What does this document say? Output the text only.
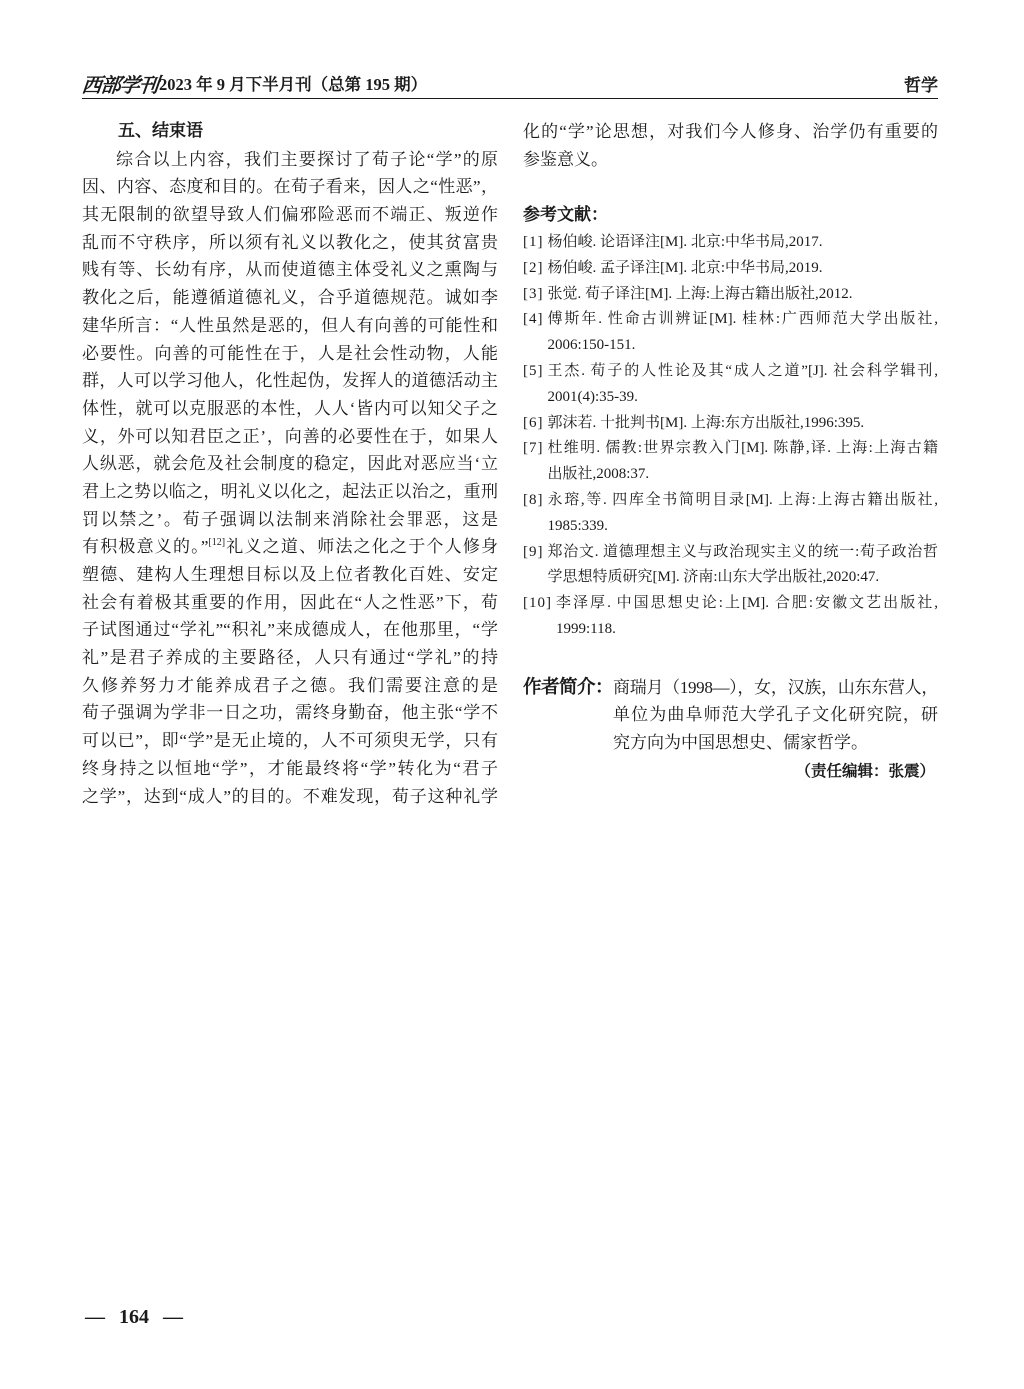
西部学刊 2023 年 9 月下半月刊（总第 195 期）	哲学
五、结束语
综合以上内容，我们主要探讨了荀子论“学”的原
因、内容、态度和目的。在荀子看来，因人之“性恶”，
其无限制的欲望导致人们偏邪险恶而不端正、叛逆作
乱而不守秩序，所以须有礼义以教化之，使其贫富贵
贱有等、长幼有序，从而使道德主体受礼义之熏陶与
教化之后，能遵循道德礼义，合乎道德规范。诚如李
建华所言：“人性虽然是恶的，但人有向善的可能性和
必要性。向善的可能性在于，人是社会性动物，人能
群，人可以学习他人，化性起伪，发挥人的道德活动主
体性，就可以克服恶的本性，人人‘皆内可以知父子之
义，外可以知君臣之正’，向善的必要性在于，如果人
人纵恶，就会危及社会制度的稳定，因此对恶应当‘立
君上之势以临之，明礼义以化之，起法正以治之，重刑
罚以禁之’。荀子强调以法制来消除社会罪恶，这是
有积极意义的。”[12]礼义之道、师法之化之于个人修身
塑德、建构人生理想目标以及上位者教化百姓、安定
社会有着极其重要的作用，因此在“人之性恶”下，荀
子试图通过“学礼”“积礼”来成德成人，在他那里，“学
礼”是君子养成的主要路径，人只有通过“学礼”的持
久修养努力才能养成君子之德。我们需要注意的是
荀子强调为学非一日之功，需终身勤奋，他主张“学不
可以已”，即“学”是无止境的，人不可须臾无学，只有
终身持之以恒地“学”，才能最终将“学”转化为“君子
之学”，达到“成人”的目的。不难发现，荀子这种礼学
化的“学”论思想，对我们今人修身、治学仍有重要的
参鉴意义。
参考文献：
[1] 杨伯峻. 论语译注[M]. 北京:中华书局,2017.
[2] 杨伯峻. 孟子译注[M]. 北京:中华书局,2019.
[3] 张觉. 荀子译注[M]. 上海:上海古籍出版社,2012.
[4] 傅斯年. 性命古训辨证[M]. 桂林:广西师范大学出版社,
2006:150-151.
[5] 王杰. 荀子的人性论及其“成人之道”[J]. 社会科学辑刊,
2001(4):35-39.
[6] 郭沫若. 十批判书[M]. 上海:东方出版社,1996:395.
[7] 杜维明. 儒教:世界宗教入门[M]. 陈静,译. 上海:上海古籍
出版社,2008:37.
[8] 永瑢,等. 四库全书简明目录[M]. 上海:上海古籍出版社,
1985:339.
[9] 郑治文. 道德理想主义与政治现实主义的统一:荀子政治哲
学思想特质研究[M]. 济南:山东大学出版社,2020:47.
[10] 李泽厚. 中国思想史论:上[M]. 合肥:安徽文艺出版社,
1999:118.
作者简介： 商瑞月（1998—），女，汉族，山东东营人，
单位为曲阜师范大学孔子文化研究院，研
究方向为中国思想史、儒家哲学。
（责任编辑：张震）
— 164 —
